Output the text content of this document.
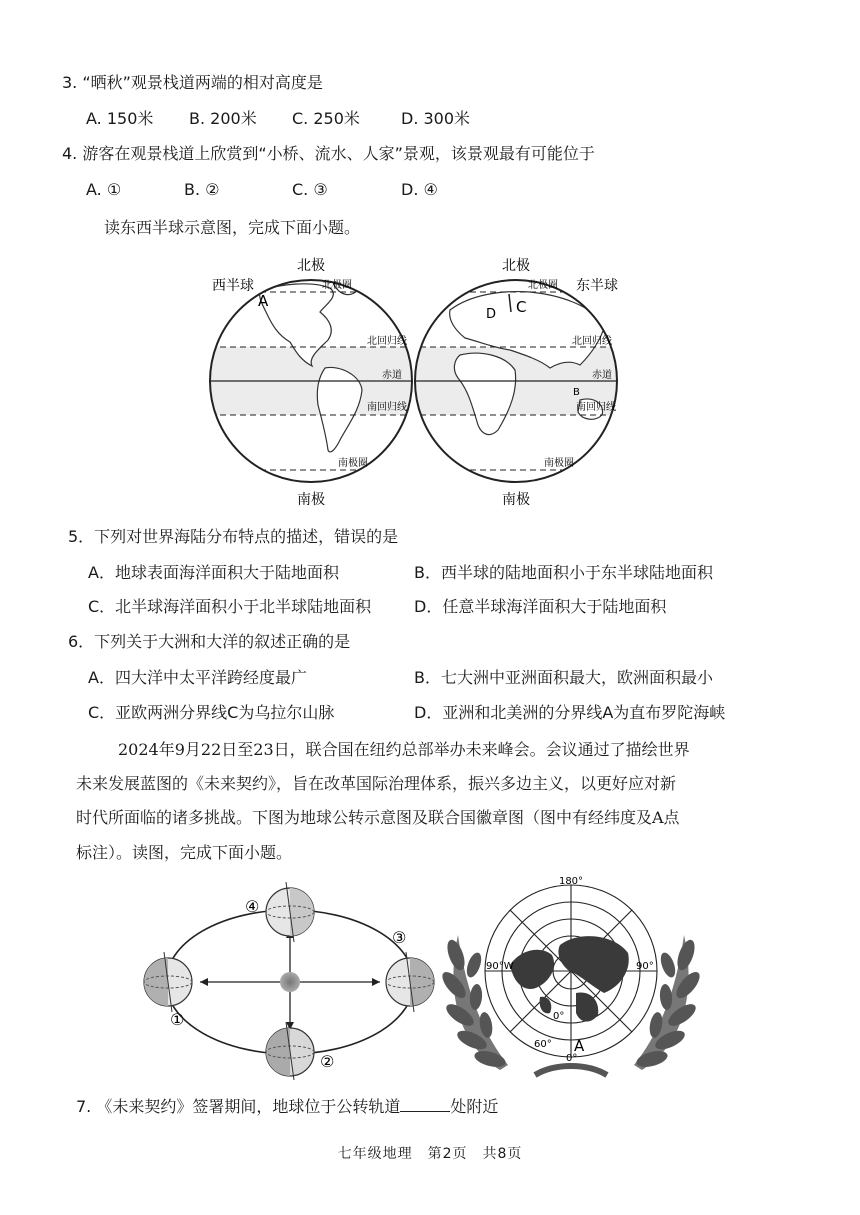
3. “晒秋”观景栈道两端的相对高度是
A. 150米 B. 200米 C. 250米	D. 300米
4. 游客在观景栈道上欣赏到“小桥、流水、人家”景观，该景观最有可能位于
A. ①	B. ②	C. ③	D. ④
读东西半球示意图，完成下面小题。
北极	北极
南极	南极
西半球	东半球
北极圈
北回归线
赤道
南回归线
南极圈
北极圈
北回归线
赤道
南回归线
南极圈
A
D C
B
5．下列对世界海陆分布特点的描述，错误的是
A．地球表面海洋面积大于陆地面积	B．西半球的陆地面积小于东半球陆地面积
C．北半球海洋面积小于北半球陆地面积	D．任意半球海洋面积大于陆地面积
6．下列关于大洲和大洋的叙述正确的是
A．四大洋中太平洋跨经度最广	B．七大洲中亚洲面积最大，欧洲面积最小
C．亚欧两洲分界线C为乌拉尔山脉	D．亚洲和北美洲的分界线A为直布罗陀海峡
2024年9月22日至23日，联合国在纽约总部举办未来峰会。会议通过了描绘世界
未来发展蓝图的《未来契约》，旨在改革国际治理体系，振兴多边主义，以更好应对新
时代所面临的诸多挑战。下图为地球公转示意图及联合国徽章图（图中有经纬度及A点
标注）。读图，完成下面小题。
①
②
③
④
180°
90°W	90°
0°
60°
0°
A
7. 《未来契约》签署期间，地球位于公转轨道	处附近
七年级地理　第2页　共8页
